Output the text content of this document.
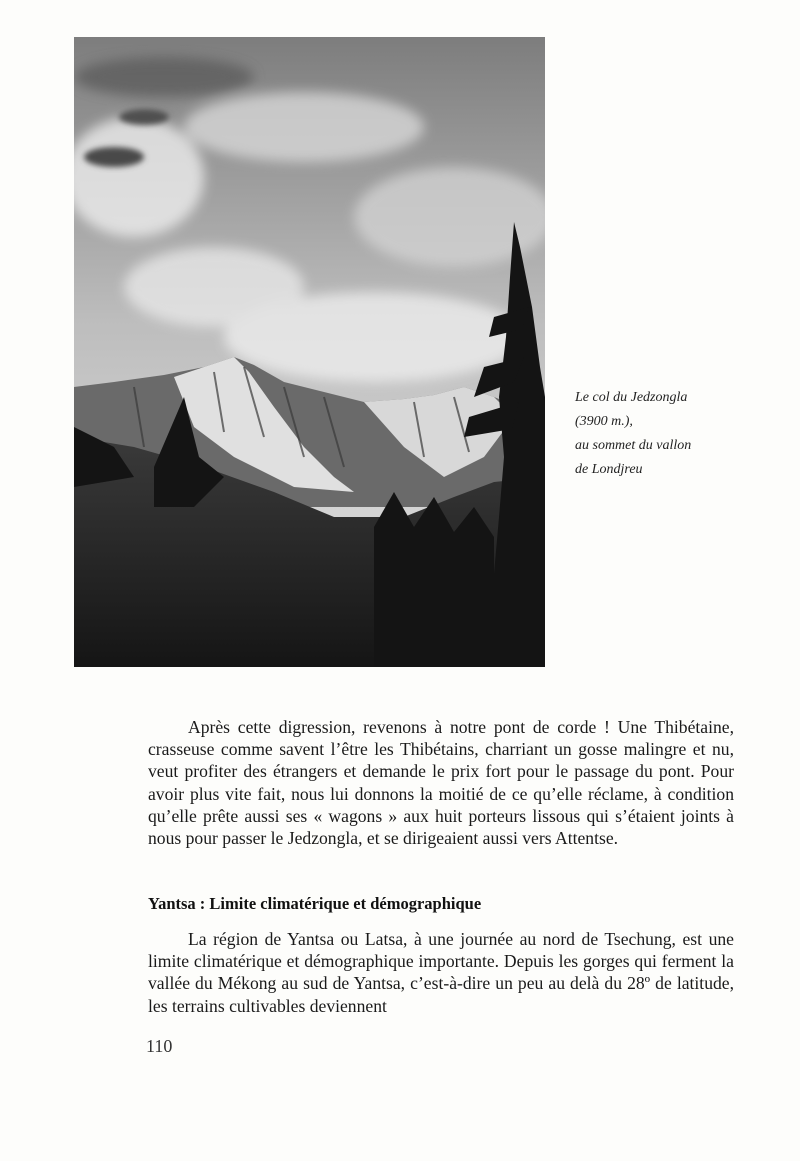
Le col du Jedzongla
(3900 m.),
au sommet du vallon
de Londjreu

Après cette digression, revenons à notre pont de corde ! Une Thibétaine, crasseuse comme savent l’être les Thibétains, charriant un gosse malingre et nu, veut profiter des étrangers et demande le prix fort pour le passage du pont. Pour avoir plus vite fait, nous lui donnons la moitié de ce qu’elle réclame, à condition qu’elle prête aussi ses « wagons » aux huit porteurs lissous qui s’étaient joints à nous pour passer le Jedzongla, et se dirigeaient aussi vers Attentse.

Yantsa : Limite climatérique et démographique

La région de Yantsa ou Latsa, à une journée au nord de Tsechung, est une limite climatérique et démographique importante. Depuis les gorges qui ferment la vallée du Mékong au sud de Yantsa, c’est-à-dire un peu au delà du 28º de latitude, les terrains cultivables deviennent

110
